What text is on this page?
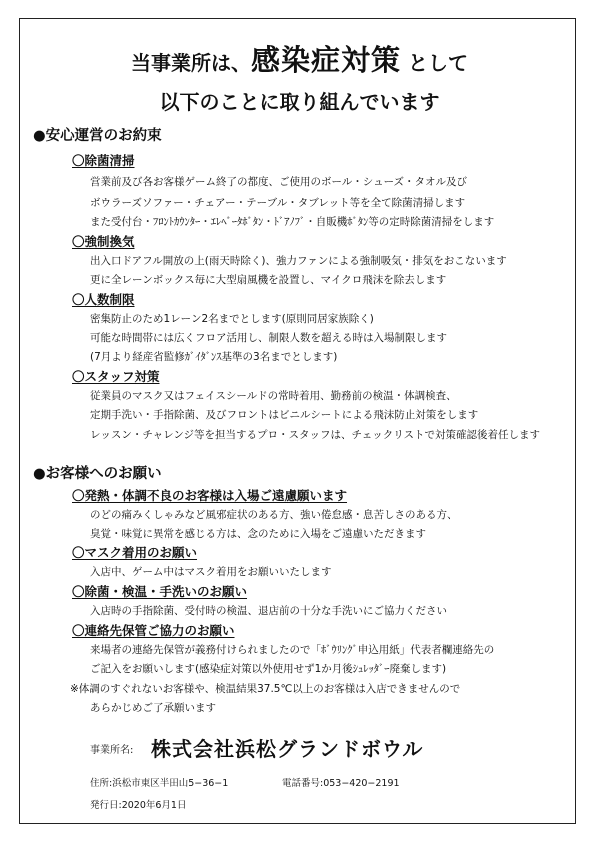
当事業所は、感染症対策 として
以下のことに取り組んでいます
●安心運営のお約束
〇除菌清掃
営業前及び各お客様ゲーム終了の都度、ご使用のボール・シューズ・タオル及び
ボウラーズソファー・チェアー・テーブル・タブレット等を全て除菌清掃します
また受付台・ﾌﾛﾝﾄｶｳﾝﾀｰ・ｴﾚﾍﾞｰﾀﾎﾞﾀﾝ・ﾄﾞｱﾉﾌﾞ・自販機ﾎﾞﾀﾝ等の定時除菌清掃をします
〇強制換気
出入口ドアフル開放の上(雨天時除く)、強力ファンによる強制吸気・排気をおこないます
更に全レーンボックス毎に大型扇風機を設置し、マイクロ飛沫を除去します
〇人数制限
密集防止のため1レーン2名までとします(原則同居家族除く)
可能な時間帯には広くフロア活用し、制限人数を超える時は入場制限します
(7月より経産省監修ｶﾞｲﾀﾞﾝｽ基準の3名までとします)
〇スタッフ対策
従業員のマスク又はフェイスシールドの常時着用、勤務前の検温・体調検査、
定期手洗い・手指除菌、及びフロントはビニルシートによる飛沫防止対策をします
レッスン・チャレンジ等を担当するプロ・スタッフは、チェックリストで対策確認後着任します
●お客様へのお願い
〇発熱・体調不良のお客様は入場ご遠慮願います
のどの痛みくしゃみなど風邪症状のある方、強い倦怠感・息苦しさのある方、
臭覚・味覚に異常を感じる方は、念のために入場をご遠慮いただきます
〇マスク着用のお願い
入店中、ゲーム中はマスク着用をお願いいたします
〇除菌・検温・手洗いのお願い
入店時の手指除菌、受付時の検温、退店前の十分な手洗いにご協力ください
〇連絡先保管ご協力のお願い
来場者の連絡先保管が義務付けられましたので「ﾎﾞｳﾘﾝｸﾞ申込用紙」代表者欄連絡先の
ご記入をお願いします(感染症対策以外使用せず1か月後ｼｭﾚｯﾀﾞｰ廃棄します)
※体調のすぐれないお客様や、検温結果37.5℃以上のお客様は入店できませんので
あらかじめご了承願います
事業所名: 株式会社浜松グランドボウル
住所:浜松市東区半田山5−36−1	電話番号:053−420−2191
発行日:2020年6月1日
